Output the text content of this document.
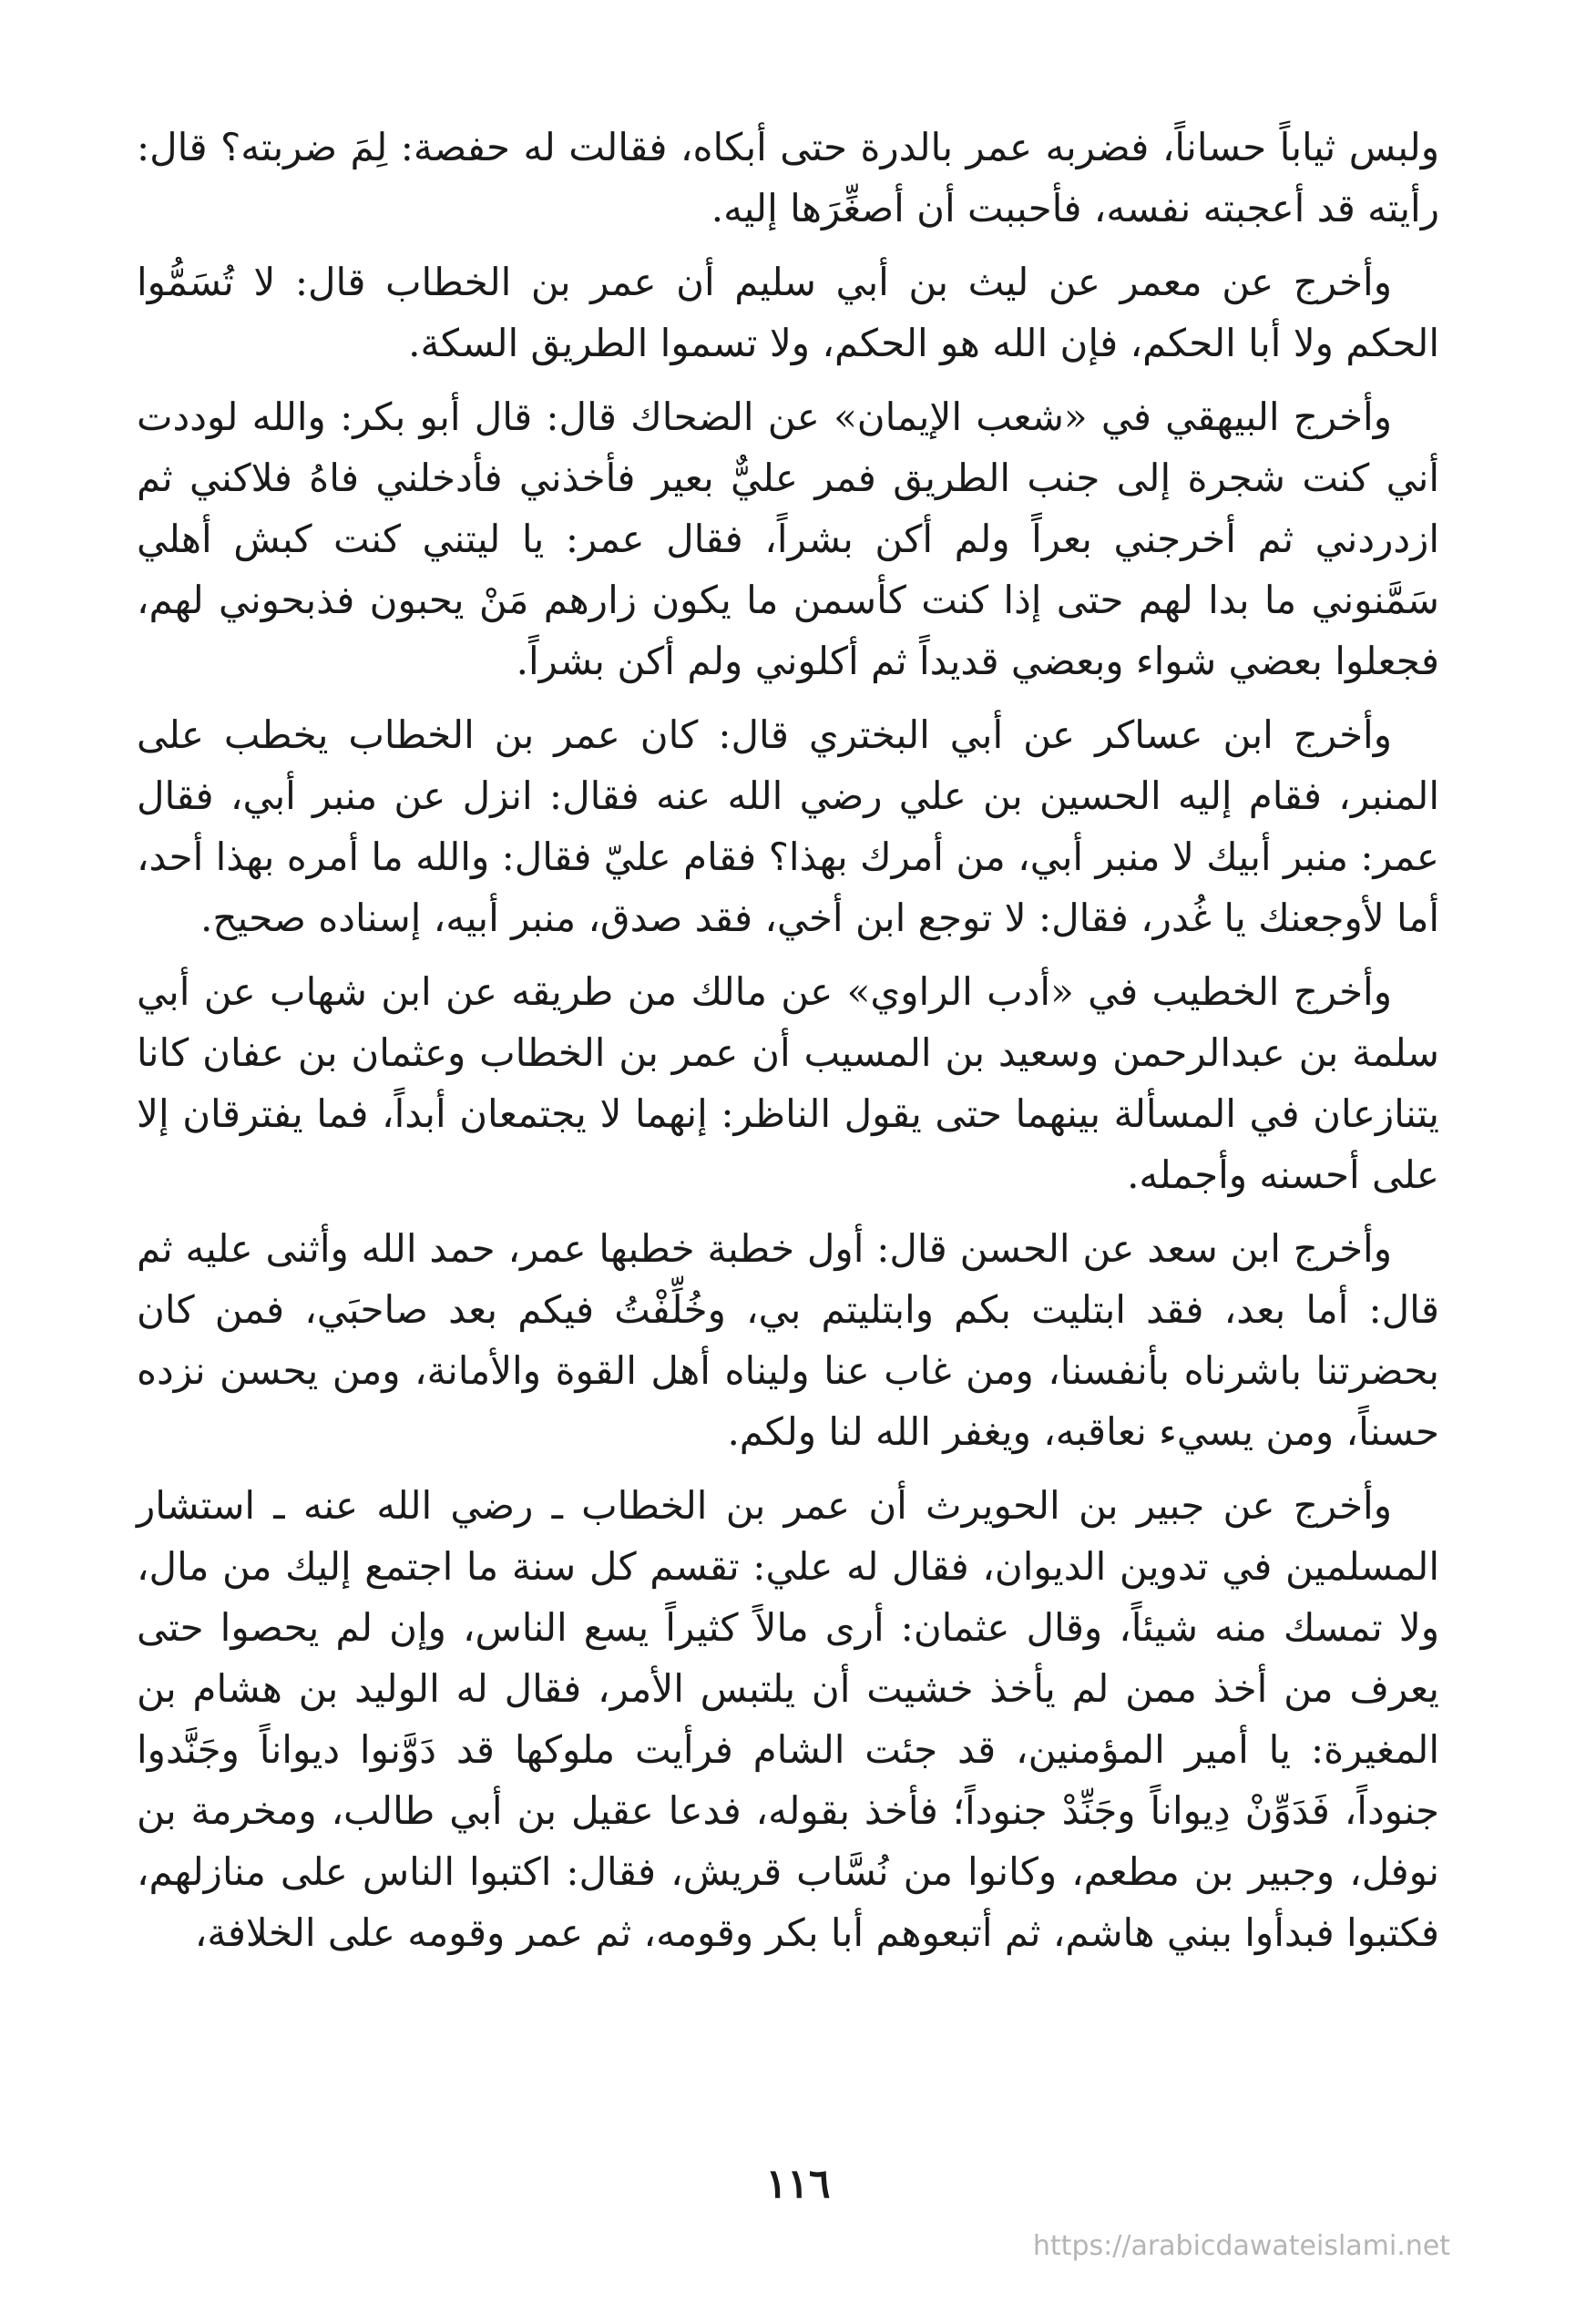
ولبس ثياباً حساناً، فضربه عمر بالدرة حتى أبكاه، فقالت له حفصة: لِمَ ضربته؟ قال: رأيته قد أعجبته نفسه، فأحببت أن أصغِّرَها إليه.

وأخرج عن معمر عن ليث بن أبي سليم أن عمر بن الخطاب قال: لا تُسَمُّوا الحكم ولا أبا الحكم، فإن الله هو الحكم، ولا تسموا الطريق السكة.

وأخرج البيهقي في «شعب الإيمان» عن الضحاك قال: قال أبو بكر: والله لوددت أني كنت شجرة إلى جنب الطريق فمر عليٌّ بعير فأخذني فأدخلني فاهُ فلاكني ثم ازدردني ثم أخرجني بعراً ولم أكن بشراً، فقال عمر: يا ليتني كنت كبش أهلي سَمَّنوني ما بدا لهم حتى إذا كنت كأسمن ما يكون زارهم مَنْ يحبون فذبحوني لهم، فجعلوا بعضي شواء وبعضي قديداً ثم أكلوني ولم أكن بشراً.

وأخرج ابن عساكر عن أبي البختري قال: كان عمر بن الخطاب يخطب على المنبر، فقام إليه الحسين بن علي رضي الله عنه فقال: انزل عن منبر أبي، فقال عمر: منبر أبيك لا منبر أبي، من أمرك بهذا؟ فقام عليّ فقال: والله ما أمره بهذا أحد، أما لأوجعنك يا غُدر، فقال: لا توجع ابن أخي، فقد صدق، منبر أبيه، إسناده صحيح.

وأخرج الخطيب في «أدب الراوي» عن مالك من طريقه عن ابن شهاب عن أبي سلمة بن عبدالرحمن وسعيد بن المسيب أن عمر بن الخطاب وعثمان بن عفان كانا يتنازعان في المسألة بينهما حتى يقول الناظر: إنهما لا يجتمعان أبداً، فما يفترقان إلا على أحسنه وأجمله.

وأخرج ابن سعد عن الحسن قال: أول خطبة خطبها عمر، حمد الله وأثنى عليه ثم قال: أما بعد، فقد ابتليت بكم وابتليتم بي، وخُلِّفْتُ فيكم بعد صاحبَي، فمن كان بحضرتنا باشرناه بأنفسنا، ومن غاب عنا وليناه أهل القوة والأمانة، ومن يحسن نزده حسناً، ومن يسيء نعاقبه، ويغفر الله لنا ولكم.

وأخرج عن جبير بن الحويرث أن عمر بن الخطاب ـ رضي الله عنه ـ استشار المسلمين في تدوين الديوان، فقال له علي: تقسم كل سنة ما اجتمع إليك من مال، ولا تمسك منه شيئاً، وقال عثمان: أرى مالاً كثيراً يسع الناس، وإن لم يحصوا حتى يعرف من أخذ ممن لم يأخذ خشيت أن يلتبس الأمر، فقال له الوليد بن هشام بن المغيرة: يا أمير المؤمنين، قد جئت الشام فرأيت ملوكها قد دَوَّنوا ديواناً وجَنَّدوا جنوداً، فَدَوِّنْ دِيواناً وجَنِّدْ جنوداً؛ فأخذ بقوله، فدعا عقيل بن أبي طالب، ومخرمة بن نوفل، وجبير بن مطعم، وكانوا من نُسَّاب قريش، فقال: اكتبوا الناس على منازلهم، فكتبوا فبدأوا ببني هاشم، ثم أتبعوهم أبا بكر وقومه، ثم عمر وقومه على الخلافة،

١١٦
https://arabicdawateislami.net
